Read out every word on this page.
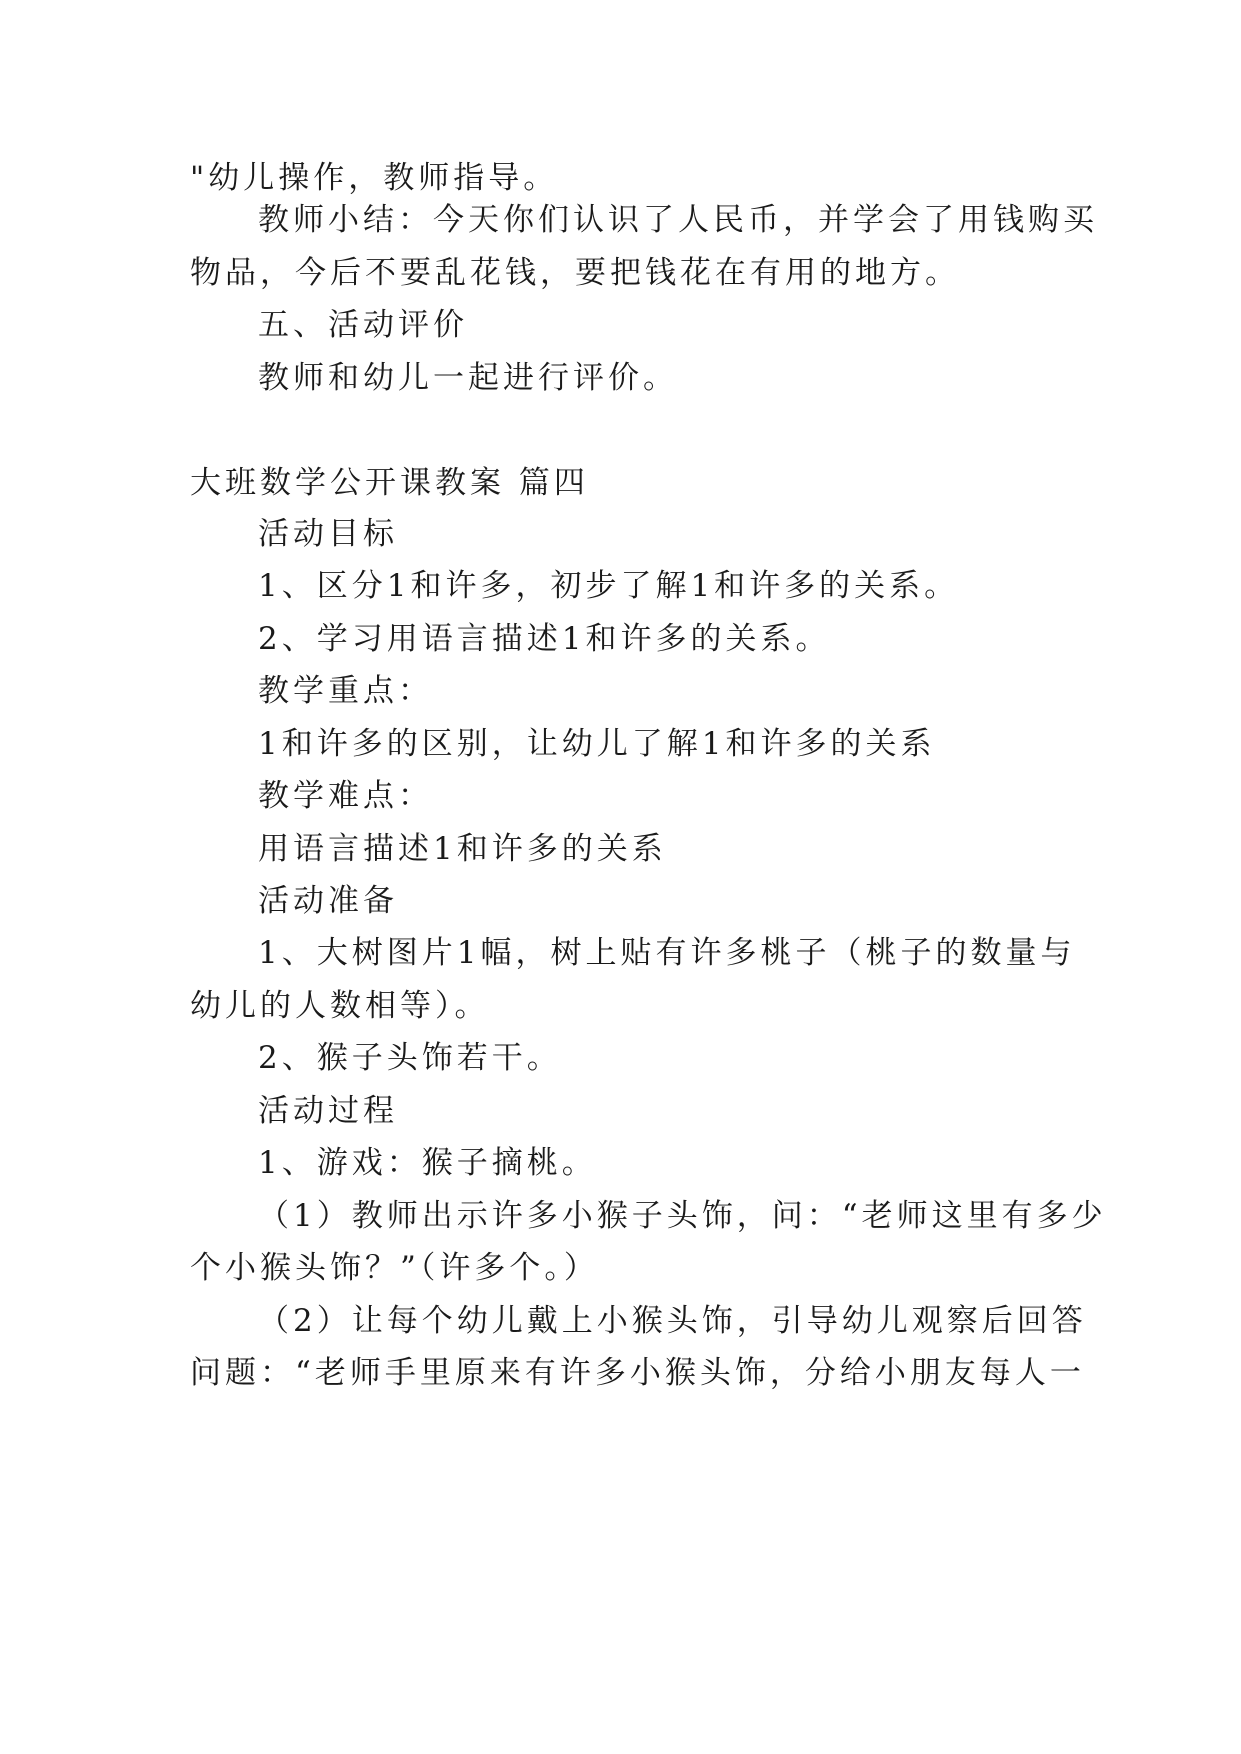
"幼儿操作，教师指导。
教师小结：今天你们认识了人民币，并学会了用钱购买
物品，今后不要乱花钱，要把钱花在有用的地方。
五、活动评价
教师和幼儿一起进行评价。
大班数学公开课教案 篇四
活动目标
1、区分1和许多，初步了解1和许多的关系。
2、学习用语言描述1和许多的关系。
教学重点：
1和许多的区别，让幼儿了解1和许多的关系
教学难点：
用语言描述1和许多的关系
活动准备
1、大树图片1幅，树上贴有许多桃子（桃子的数量与
幼儿的人数相等）。
2、猴子头饰若干。
活动过程
1、游戏：猴子摘桃。
（1）教师出示许多小猴子头饰，问：“老师这里有多少
个小猴头饰？”（许多个。）
（2）让每个幼儿戴上小猴头饰，引导幼儿观察后回答
问题：“老师手里原来有许多小猴头饰，分给小朋友每人一
